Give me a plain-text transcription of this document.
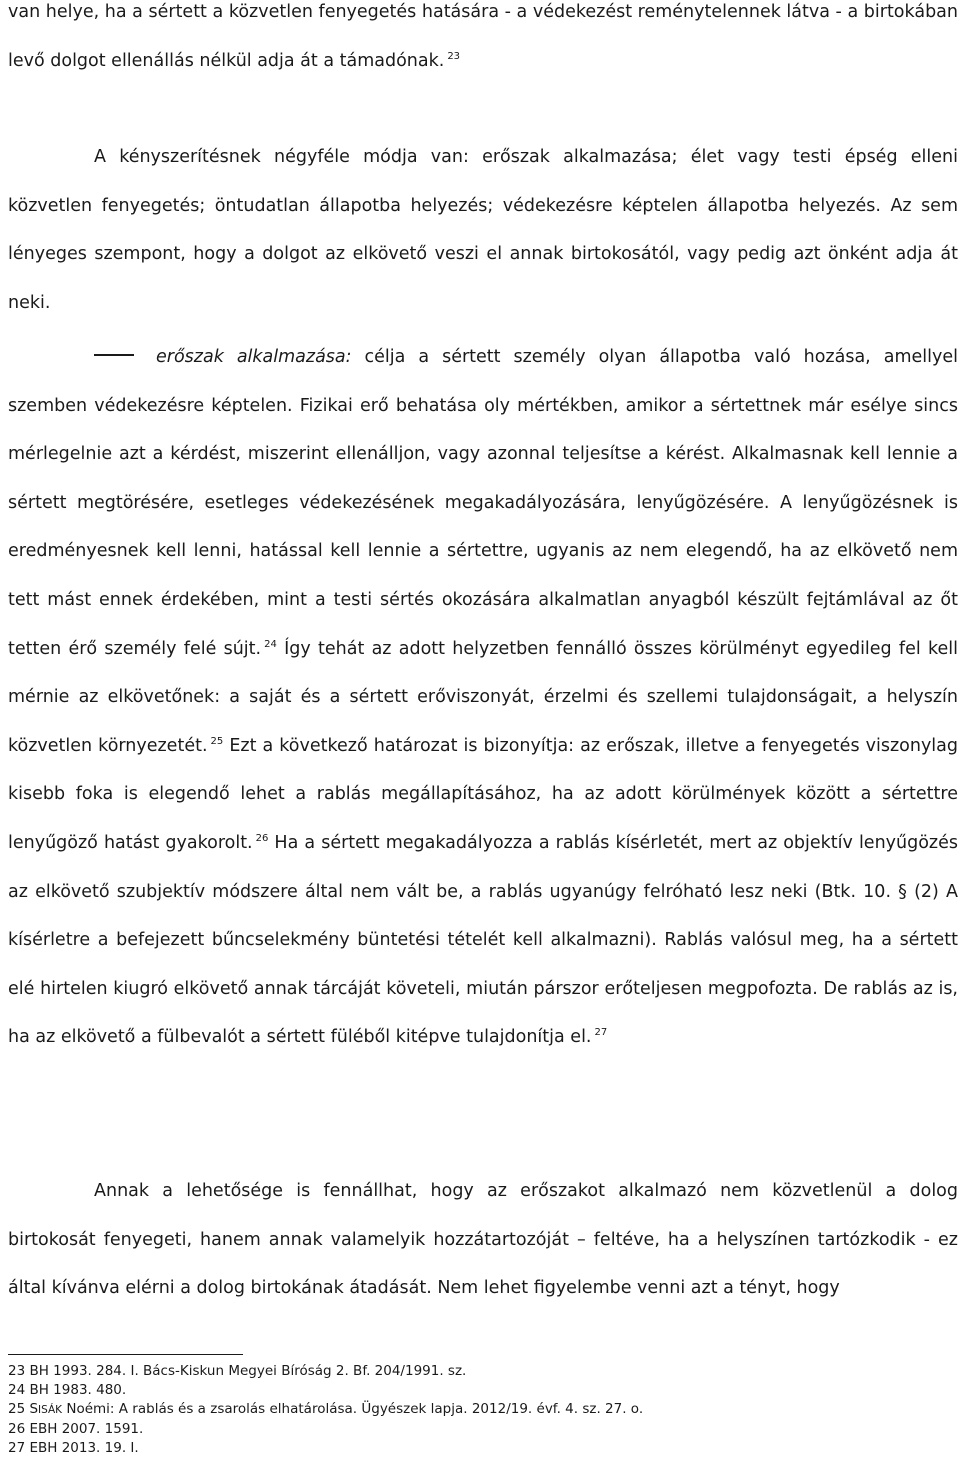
van helye, ha a sértett a közvetlen fenyegetés hatására - a védekezést reménytelennek látva - a birtokában levő dolgot ellenállás nélkül adja át a támadónak. $^{23}$

A kényszerítésnek négyféle módja van: erőszak alkalmazása; élet vagy testi épség elleni közvetlen fenyegetés; öntudatlan állapotba helyezés; védekezésre képtelen állapotba helyezés. Az sem lényeges szempont, hogy a dolgot az elkövető veszi el annak birtokosától, vagy pedig azt önként adja át neki.

erőszak alkalmazása: célja a sértett személy olyan állapotba való hozása, amellyel szemben védekezésre képtelen. Fizikai erő behatása oly mértékben, amikor a sértettnek már esélye sincs mérlegelnie azt a kérdést, miszerint ellenálljon, vagy azonnal teljesítse a kérést. Alkalmasnak kell lennie a sértett megtörésére, esetleges védekezésének megakadályozására, lenyűgözésére. A lenyűgözésnek is eredményesnek kell lenni, hatással kell lennie a sértettre, ugyanis az nem elegendő, ha az elkövető nem tett mást ennek érdekében, mint a testi sértés okozására alkalmatlan anyagból készült fejtámlával az őt tetten érő személy felé sújt. $^{24}$ Így tehát az adott helyzetben fennálló összes körülményt egyedileg fel kell mérnie az elkövetőnek: a saját és a sértett erőviszonyát, érzelmi és szellemi tulajdonságait, a helyszín közvetlen környezetét. $^{25}$ Ezt a következő határozat is bizonyítja: az erőszak, illetve a fenyegetés viszonylag kisebb foka is elegendő lehet a rablás megállapításához, ha az adott körülmények között a sértettre lenyűgöző hatást gyakorolt. $^{26}$ Ha a sértett megakadályozza a rablás kísérletét, mert az objektív lenyűgözés az elkövető szubjektív módszere által nem vált be, a rablás ugyanúgy felróható lesz neki (Btk. 10. § (2) A kísérletre a befejezett bűncselekmény büntetési tételét kell alkalmazni). Rablás valósul meg, ha a sértett elé hirtelen kiugró elkövető annak tárcáját követeli, miután párszor erőteljesen megpofozta. De rablás az is, ha az elkövető a fülbevalót a sértett füléből kitépve tulajdonítja el. $^{27}$

Annak a lehetősége is fennállhat, hogy az erőszakot alkalmazó nem közvetlenül a dolog birtokosát fenyegeti, hanem annak valamelyik hozzátartozóját – feltéve, ha a helyszínen tartózkodik - ez által kívánva elérni a dolog birtokának átadását. Nem lehet figyelembe venni azt a tényt, hogy

23 BH 1993. 284. I. Bács-Kiskun Megyei Bíróság 2. Bf. 204/1991. sz.
24 BH 1983. 480.
25 SISÁK Noémi: A rablás és a zsarolás elhatárolása. Ügyészek lapja. 2012/19. évf. 4. sz. 27. o.
26 EBH 2007. 1591.
27 EBH 2013. 19. I.
